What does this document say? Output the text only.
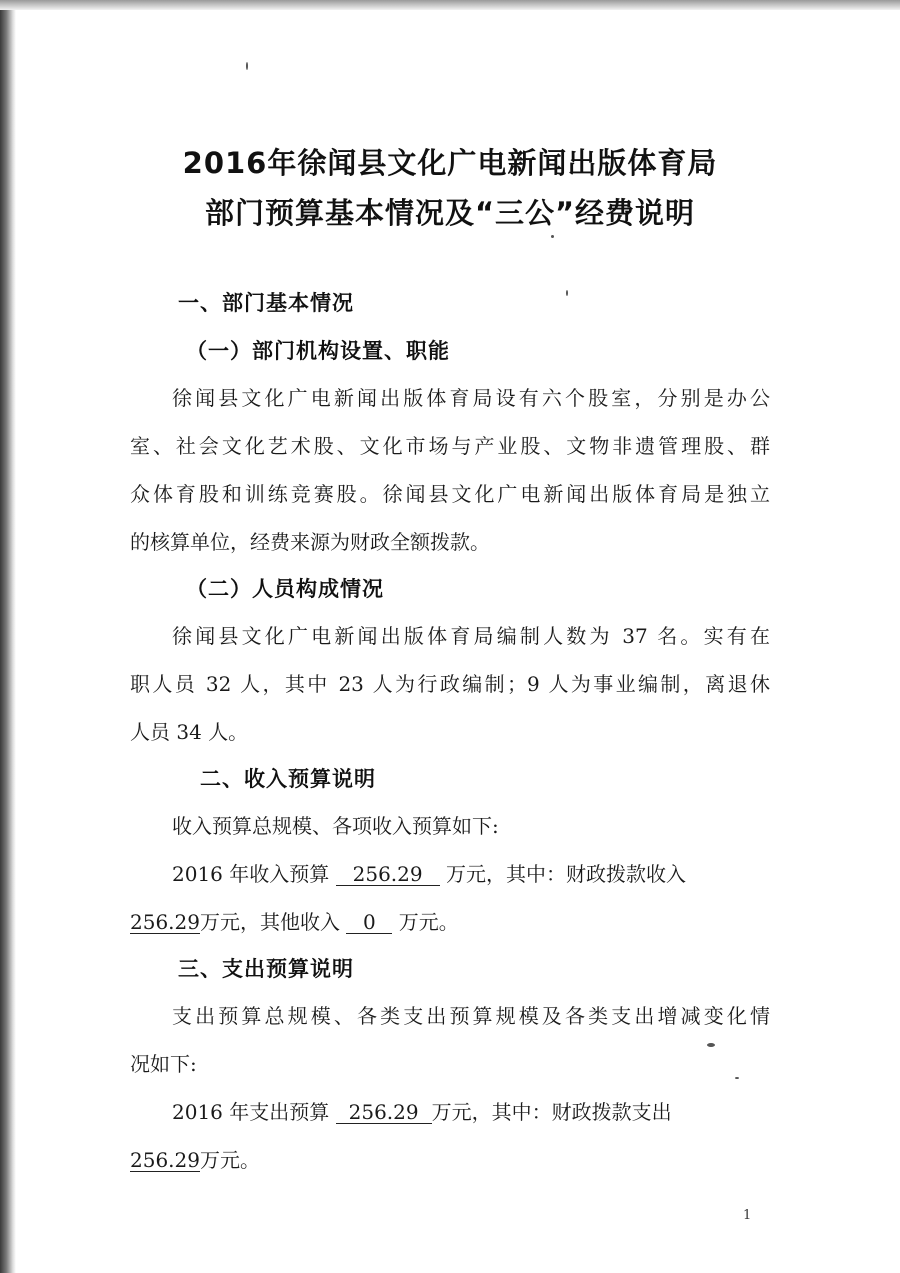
2016年徐闻县文化广电新闻出版体育局
部门预算基本情况及“三公”经费说明
一、部门基本情况
（一）部门机构设置、职能
徐闻县文化广电新闻出版体育局设有六个股室，分别是办公
室、社会文化艺术股、文化市场与产业股、文物非遗管理股、群
众体育股和训练竞赛股。徐闻县文化广电新闻出版体育局是独立
的核算单位，经费来源为财政全额拨款。
（二）人员构成情况
徐闻县文化广电新闻出版体育局编制人数为 37 名。实有在
职人员 32 人，其中 23 人为行政编制；9 人为事业编制，离退休
人员 34 人。
二、收入预算说明
收入预算总规模、各项收入预算如下:
2016 年收入预算 256.29 万元，其中：财政拨款收入
256.29万元，其他收入 0 万元。
三、支出预算说明
支出预算总规模、各类支出预算规模及各类支出增减变化情
况如下:
2016 年支出预算 256.29 万元，其中：财政拨款支出
256.29万元。
1
